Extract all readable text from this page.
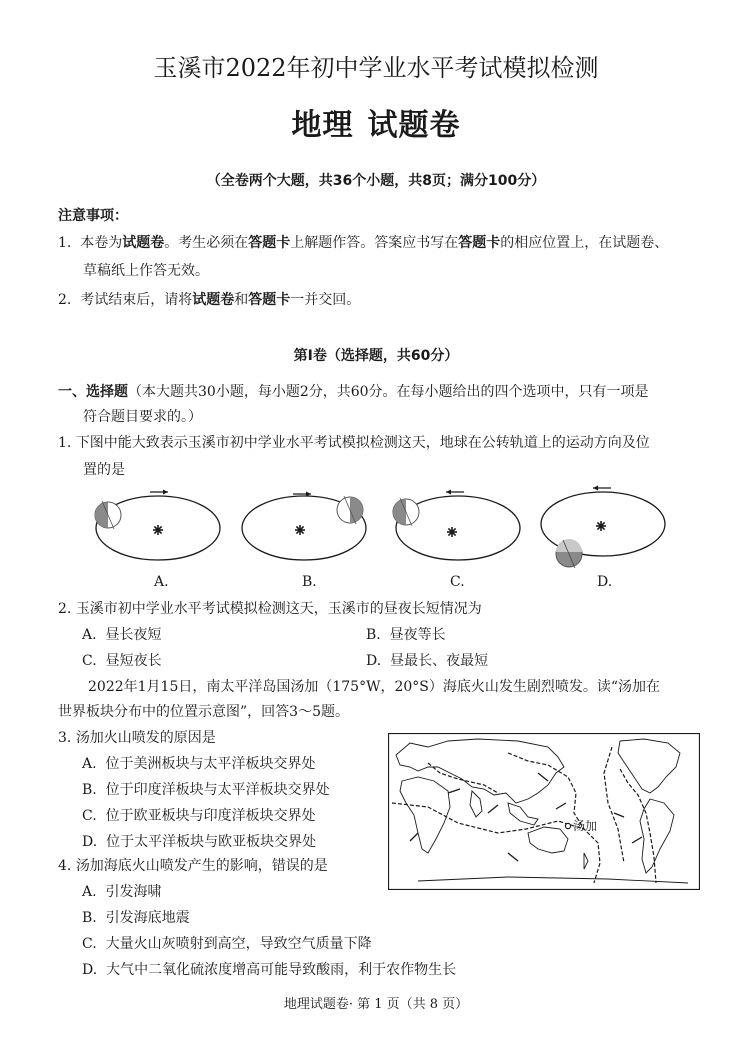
玉溪市2022年初中学业水平考试模拟检测
地理 试题卷
（全卷两个大题，共36个小题，共8页；满分100分）
注意事项：
1. 本卷为试题卷。考生必须在答题卡上解题作答。答案应书写在答题卡的相应位置上，在试题卷、
草稿纸上作答无效。
2. 考试结束后，请将试题卷和答题卡一并交回。
第Ⅰ卷（选择题，共60分）
一、选择题（本大题共30小题，每小题2分，共60分。在每小题给出的四个选项中，只有一项是
符合题目要求的。）
1. 下图中能大致表示玉溪市初中学业水平考试模拟检测这天，地球在公转轨道上的运动方向及位
置的是
A.	B.	C.	D.
2. 玉溪市初中学业水平考试模拟检测这天，玉溪市的昼夜长短情况为
A. 昼长夜短	B. 昼夜等长
C. 昼短夜长	D. 昼最长、夜最短
2022年1月15日，南太平洋岛国汤加（175°W，20°S）海底火山发生剧烈喷发。读“汤加在
世界板块分布中的位置示意图”，回答3～5题。
3. 汤加火山喷发的原因是
A. 位于美洲板块与太平洋板块交界处
B. 位于印度洋板块与太平洋板块交界处
C. 位于欧亚板块与印度洋板块交界处
D. 位于太平洋板块与欧亚板块交界处
汤加
4. 汤加海底火山喷发产生的影响，错误的是
A. 引发海啸
B. 引发海底地震
C. 大量火山灰喷射到高空，导致空气质量下降
D. 大气中二氧化硫浓度增高可能导致酸雨，利于农作物生长
地理试题卷· 第 1 页（共 8 页）
